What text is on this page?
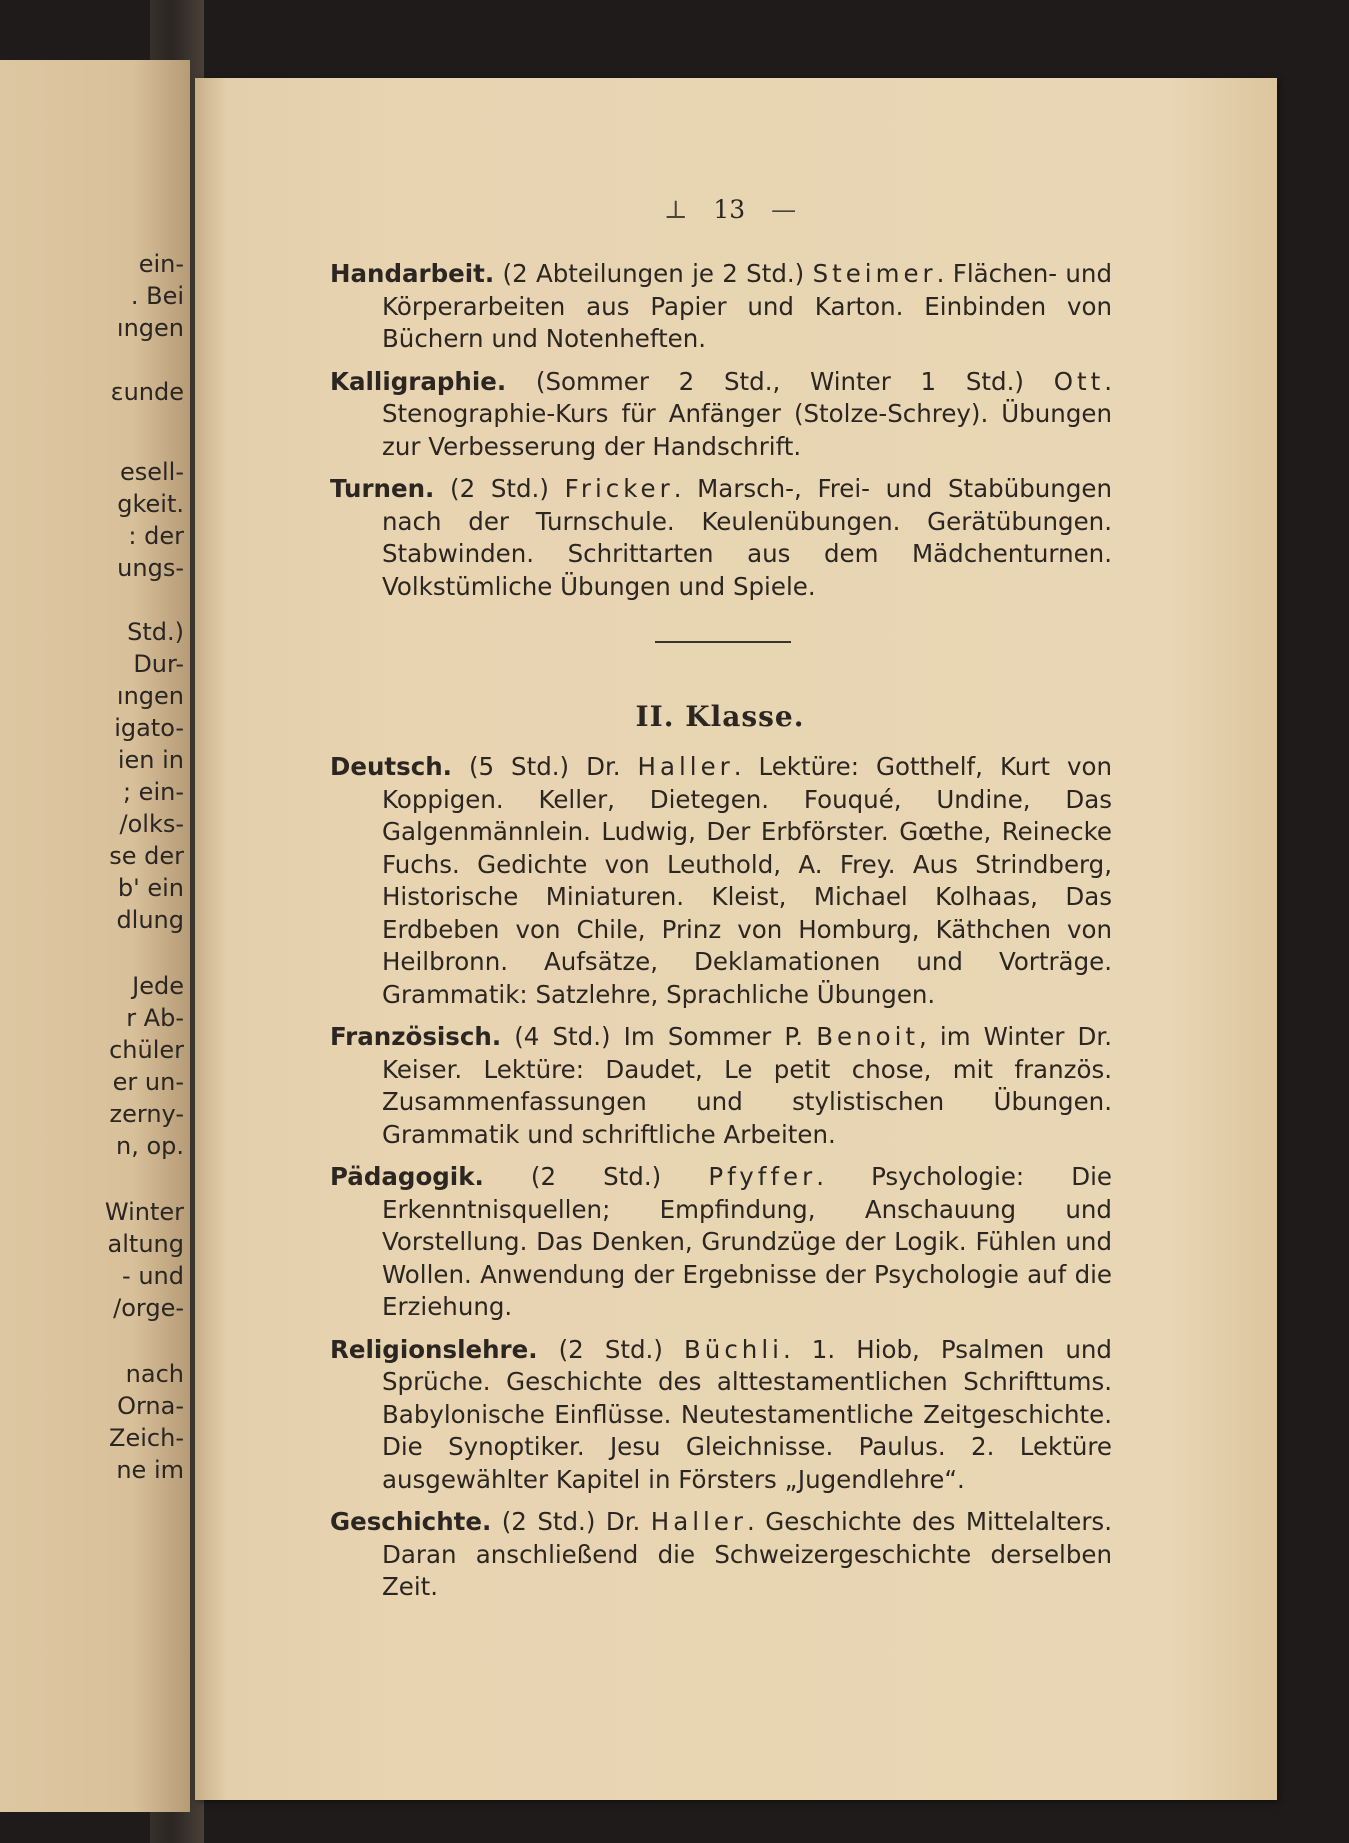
ein-
. Bei
ıngen
ɛunde
esell-
gkeit.
: der
ungs-
Std.)
Dur-
ıngen
igato-
ien in
; ein-
/olks-
se der
b' ein
dlung
Jede
r Ab-
chüler
er un-
zerny-
n, op.
Winter
altung
- und
/orge-
nach
Orna-
Zeich-
ne im
⊥ 13 —

Handarbeit. (2 Abteilungen je 2 Std.) Steimer. Flächen- und Körperarbeiten aus Papier und Karton. Einbinden von Büchern und Notenheften.

Kalligraphie. (Sommer 2 Std., Winter 1 Std.) Ott. Stenographie-Kurs für Anfänger (Stolze-Schrey). Übungen zur Verbesserung der Handschrift.

Turnen. (2 Std.) Fricker. Marsch-, Frei- und Stabübungen nach der Turnschule. Keulenübungen. Gerätübungen. Stabwinden. Schrittarten aus dem Mädchenturnen. Volkstümliche Übungen und Spiele.

II. Klasse.

Deutsch. (5 Std.) Dr. Haller. Lektüre: Gotthelf, Kurt von Koppigen. Keller, Dietegen. Fouqué, Undine, Das Galgenmännlein. Ludwig, Der Erbförster. Gœthe, Reinecke Fuchs. Gedichte von Leuthold, A. Frey. Aus Strindberg, Historische Miniaturen. Kleist, Michael Kolhaas, Das Erdbeben von Chile, Prinz von Homburg, Käthchen von Heilbronn. Aufsätze, Deklamationen und Vorträge. Grammatik: Satzlehre, Sprachliche Übungen.

Französisch. (4 Std.) Im Sommer P. Benoit, im Winter Dr. Keiser. Lektüre: Daudet, Le petit chose, mit französ. Zusammenfassungen und stylistischen Übungen. Grammatik und schriftliche Arbeiten.

Pädagogik. (2 Std.) Pfyffer. Psychologie: Die Erkenntnisquellen; Empfindung, Anschauung und Vorstellung. Das Denken, Grundzüge der Logik. Fühlen und Wollen. Anwendung der Ergebnisse der Psychologie auf die Erziehung.

Religionslehre. (2 Std.) Büchli. 1. Hiob, Psalmen und Sprüche. Geschichte des alttestamentlichen Schrifttums. Babylonische Einflüsse. Neutestamentliche Zeitgeschichte. Die Synoptiker. Jesu Gleichnisse. Paulus. 2. Lektüre ausgewählter Kapitel in Försters „Jugendlehre“.

Geschichte. (2 Std.) Dr. Haller. Geschichte des Mittelalters. Daran anschließend die Schweizergeschichte derselben Zeit.
